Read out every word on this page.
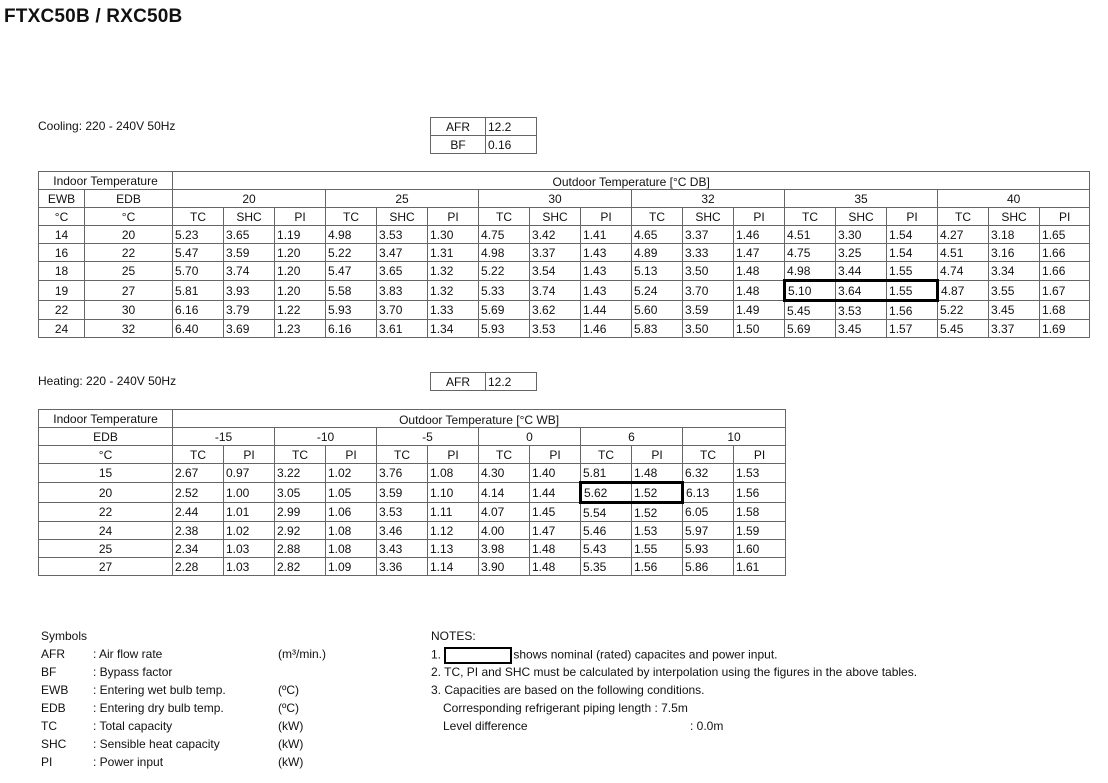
FTXC50B / RXC50B
Cooling: 220 - 240V 50Hz	AFR	12.2
BF	0.16
Indoor Temperature		Outdoor Temperature [°C DB]																	
EWB	EDB	20			25			30			32			35			40		
°C	°C	TC	SHC	PI	TC	SHC	PI	TC	SHC	PI	TC	SHC	PI	TC	SHC	PI	TC	SHC	PI
14	20	5.23	3.65	1.19	4.98	3.53	1.30	4.75	3.42	1.41	4.65	3.37	1.46	4.51	3.30	1.54	4.27	3.18	1.65
16	22	5.47	3.59	1.20	5.22	3.47	1.31	4.98	3.37	1.43	4.89	3.33	1.47	4.75	3.25	1.54	4.51	3.16	1.66
18	25	5.70	3.74	1.20	5.47	3.65	1.32	5.22	3.54	1.43	5.13	3.50	1.48	4.98	3.44	1.55	4.74	3.34	1.66
19	27	5.81	3.93	1.20	5.58	3.83	1.32	5.33	3.74	1.43	5.24	3.70	1.48	5.10	3.64	1.55	4.87	3.55	1.67
22	30	6.16	3.79	1.22	5.93	3.70	1.33	5.69	3.62	1.44	5.60	3.59	1.49	5.45	3.53	1.56	5.22	3.45	1.68
24	32	6.40	3.69	1.23	6.16	3.61	1.34	5.93	3.53	1.46	5.83	3.50	1.50	5.69	3.45	1.57	5.45	3.37	1.69
Heating: 220 - 240V 50Hz	AFR	12.2
Indoor Temperature	Outdoor Temperature [°C WB]											
EDB	-15		-10		-5		0		6		10	
°C	TC	PI	TC	PI	TC	PI	TC	PI	TC	PI	TC	PI
15	2.67	0.97	3.22	1.02	3.76	1.08	4.30	1.40	5.81	1.48	6.32	1.53
20	2.52	1.00	3.05	1.05	3.59	1.10	4.14	1.44	5.62	1.52	6.13	1.56
22	2.44	1.01	2.99	1.06	3.53	1.11	4.07	1.45	5.54	1.52	6.05	1.58
24	2.38	1.02	2.92	1.08	3.46	1.12	4.00	1.47	5.46	1.53	5.97	1.59
25	2.34	1.03	2.88	1.08	3.43	1.13	3.98	1.48	5.43	1.55	5.93	1.60
27	2.28	1.03	2.82	1.09	3.36	1.14	3.90	1.48	5.35	1.56	5.86	1.61
Symbols
AFR : Air flow rate	(m³/min.)
BF	: Bypass factor
EWB : Entering wet bulb temp.	(ºC)
EDB : Entering dry bulb temp.	(ºC)
TC	: Total capacity	(kW)
SHC : Sensible heat capacity	(kW)
PI	: Power input	(kW)
NOTES:
1.	shows nominal (rated) capacites and power input.
2. TC, PI and SHC must be calculated by interpolation using the figures in the above tables.
3. Capacities are based on the following conditions.
Corresponding refrigerant piping length : 7.5m
Level difference	: 0.0m
